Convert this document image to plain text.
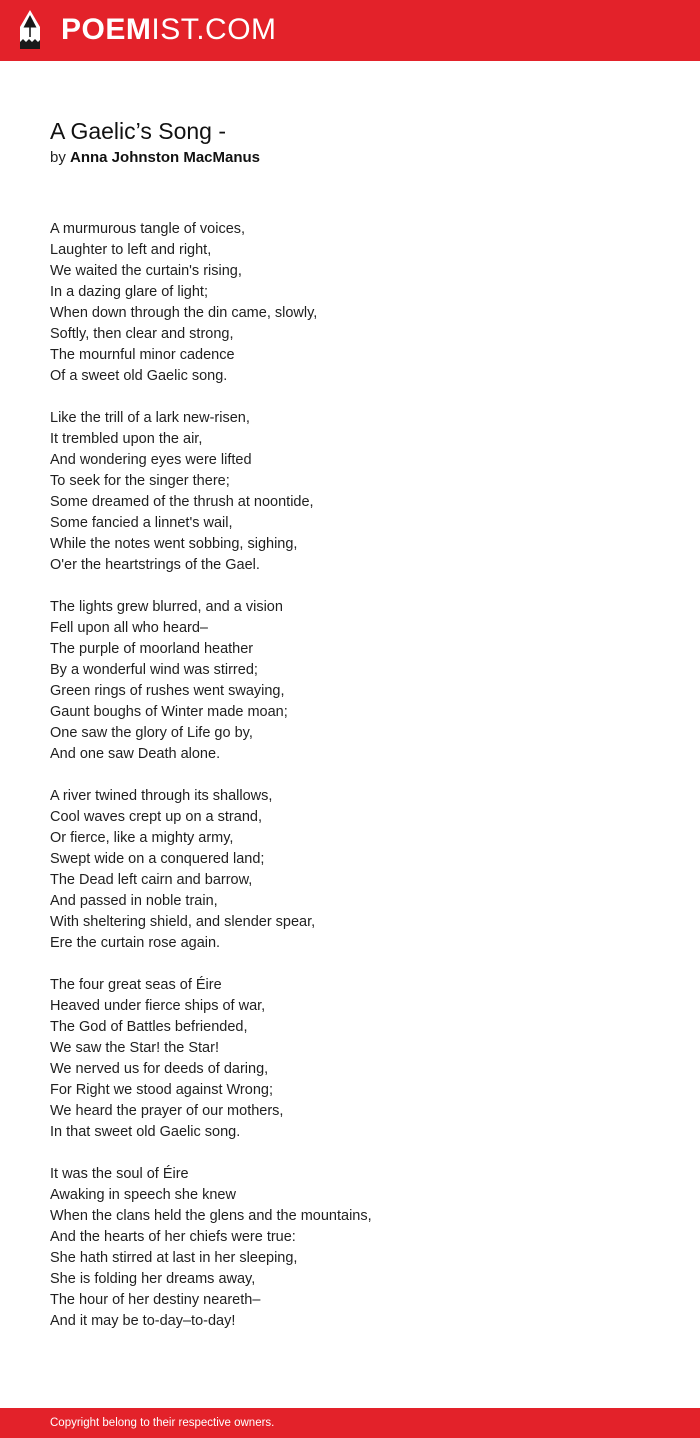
POEMIST.COM
A Gaelic’s Song -
by Anna Johnston MacManus
A murmurous tangle of voices,
Laughter to left and right,
We waited the curtain's rising,
In a dazing glare of light;
When down through the din came, slowly,
Softly, then clear and strong,
The mournful minor cadence
Of a sweet old Gaelic song.
Like the trill of a lark new-risen,
It trembled upon the air,
And wondering eyes were lifted
To seek for the singer there;
Some dreamed of the thrush at noontide,
Some fancied a linnet's wail,
While the notes went sobbing, sighing,
O'er the heartstrings of the Gael.
The lights grew blurred, and a vision
Fell upon all who heard–
The purple of moorland heather
By a wonderful wind was stirred;
Green rings of rushes went swaying,
Gaunt boughs of Winter made moan;
One saw the glory of Life go by,
And one saw Death alone.
A river twined through its shallows,
Cool waves crept up on a strand,
Or fierce, like a mighty army,
Swept wide on a conquered land;
The Dead left cairn and barrow,
And passed in noble train,
With sheltering shield, and slender spear,
Ere the curtain rose again.
The four great seas of Éire
Heaved under fierce ships of war,
The God of Battles befriended,
We saw the Star! the Star!
We nerved us for deeds of daring,
For Right we stood against Wrong;
We heard the prayer of our mothers,
In that sweet old Gaelic song.
It was the soul of Éire
Awaking in speech she knew
When the clans held the glens and the mountains,
And the hearts of her chiefs were true:
She hath stirred at last in her sleeping,
She is folding her dreams away,
The hour of her destiny neareth–
And it may be to-day–to-day!
Copyright belong to their respective owners.
